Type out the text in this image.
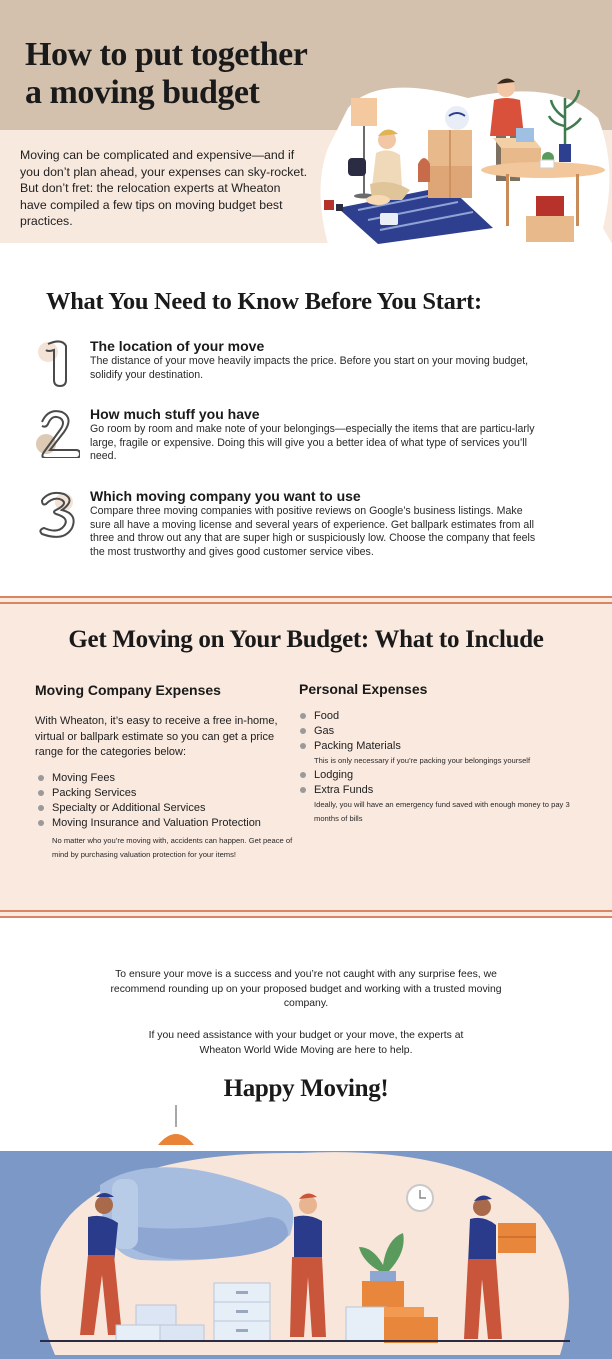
How to put together
a moving budget

Moving can be complicated and expensive—and if you don’t plan ahead, your expenses can sky-rocket. But don’t fret: the relocation experts at Wheaton have compiled a few tips on moving budget best practices.

What You Need to Know Before You Start:
The location of your move
The distance of your move heavily impacts the price. Before you start on your moving budget, solidify your destination.
How much stuff you have
Go room by room and make note of your belongings—especially the items that are particu-larly large, fragile or expensive. Doing this will give you a better idea of what type of services you’ll need.
Which moving company you want to use
Compare three moving companies with positive reviews on Google’s business listings. Make sure all have a moving license and several years of experience. Get ballpark estimates from all three and throw out any that are super high or suspiciously low. Choose the company that feels the most trustworthy and gives good customer service vibes.
Get Moving on Your Budget: What to Include
Moving Company Expenses

With Wheaton, it’s easy to receive a free in-home, virtual or ballpark estimate so you can get a price range for the categories below:

Moving Fees
Packing Services
Specialty or Additional Services
Moving Insurance and Valuation Protection
No matter who you’re moving with, accidents can happen. Get peace of mind by purchasing valuation protection for your items!
Personal Expenses
Food
Gas
Packing Materials
This is only necessary if you’re packing your belongings yourself
Lodging
Extra Funds
Ideally, you will have an emergency fund saved with enough money to pay 3 months of bills

To ensure your move is a success and you’re not caught with any surprise fees, we recommend rounding up on your proposed budget and working with a trusted moving company.

If you need assistance with your budget or your move, the experts at Wheaton World Wide Moving are here to help.

Happy Moving!
